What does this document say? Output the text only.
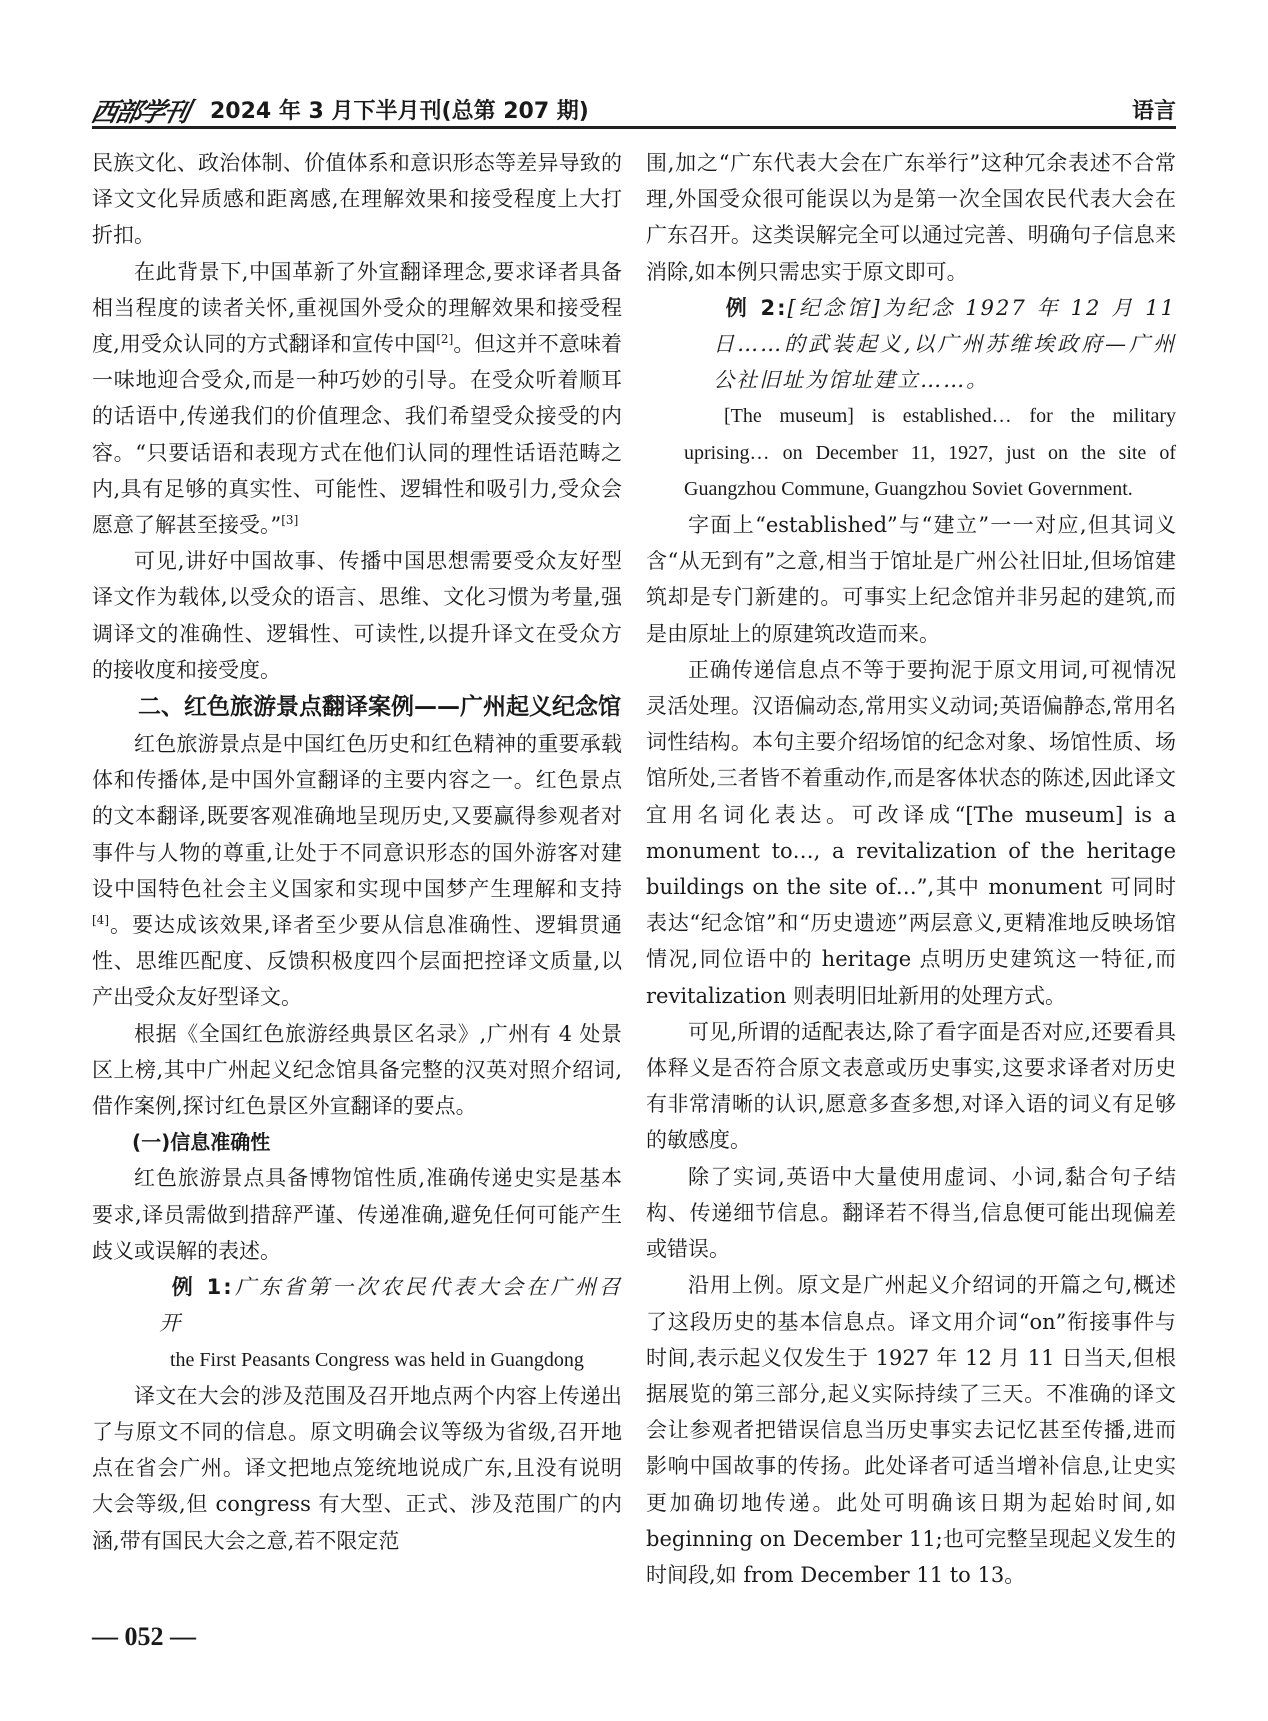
西部学刊 2024 年 3 月下半月刊(总第 207 期)	语言

民族文化、政治体制、价值体系和意识形态等差异导致的译文文化异质感和距离感,在理解效果和接受程度上大打折扣。

在此背景下,中国革新了外宣翻译理念,要求译者具备相当程度的读者关怀,重视国外受众的理解效果和接受程度,用受众认同的方式翻译和宣传中国[2]。但这并不意味着一味地迎合受众,而是一种巧妙的引导。在受众听着顺耳的话语中,传递我们的价值理念、我们希望受众接受的内容。“只要话语和表现方式在他们认同的理性话语范畴之内,具有足够的真实性、可能性、逻辑性和吸引力,受众会愿意了解甚至接受。”[3]

可见,讲好中国故事、传播中国思想需要受众友好型译文作为载体,以受众的语言、思维、文化习惯为考量,强调译文的准确性、逻辑性、可读性,以提升译文在受众方的接收度和接受度。

二、红色旅游景点翻译案例——广州起义纪念馆

红色旅游景点是中国红色历史和红色精神的重要承载体和传播体,是中国外宣翻译的主要内容之一。红色景点的文本翻译,既要客观准确地呈现历史,又要赢得参观者对事件与人物的尊重,让处于不同意识形态的国外游客对建设中国特色社会主义国家和实现中国梦产生理解和支持[4]。要达成该效果,译者至少要从信息准确性、逻辑贯通性、思维匹配度、反馈积极度四个层面把控译文质量,以产出受众友好型译文。

根据《全国红色旅游经典景区名录》,广州有 4 处景区上榜,其中广州起义纪念馆具备完整的汉英对照介绍词,借作案例,探讨红色景区外宣翻译的要点。

(一)信息准确性

红色旅游景点具备博物馆性质,准确传递史实是基本要求,译员需做到措辞严谨、传递准确,避免任何可能产生歧义或误解的表述。

例 1:广东省第一次农民代表大会在广州召开

the First Peasants Congress was held in Guangdong

译文在大会的涉及范围及召开地点两个内容上传递出了与原文不同的信息。原文明确会议等级为省级,召开地点在省会广州。译文把地点笼统地说成广东,且没有说明大会等级,但 congress 有大型、正式、涉及范围广的内涵,带有国民大会之意,若不限定范

围,加之“广东代表大会在广东举行”这种冗余表述不合常理,外国受众很可能误以为是第一次全国农民代表大会在广东召开。这类误解完全可以通过完善、明确句子信息来消除,如本例只需忠实于原文即可。

例 2:[纪念馆]为纪念 1927 年 12 月 11 日……的武装起义,以广州苏维埃政府—广州公社旧址为馆址建立……。

[The museum] is established… for the military uprising… on December 11, 1927, just on the site of Guangzhou Commune, Guangzhou Soviet Government.

字面上“established”与“建立”一一对应,但其词义含“从无到有”之意,相当于馆址是广州公社旧址,但场馆建筑却是专门新建的。可事实上纪念馆并非另起的建筑,而是由原址上的原建筑改造而来。

正确传递信息点不等于要拘泥于原文用词,可视情况灵活处理。汉语偏动态,常用实义动词;英语偏静态,常用名词性结构。本句主要介绍场馆的纪念对象、场馆性质、场馆所处,三者皆不着重动作,而是客体状态的陈述,因此译文宜用名词化表达。可改译成“[The museum] is a monument to…, a revitalization of the heritage buildings on the site of…”,其中 monument 可同时表达“纪念馆”和“历史遗迹”两层意义,更精准地反映场馆情况,同位语中的 heritage 点明历史建筑这一特征,而 revitalization 则表明旧址新用的处理方式。

可见,所谓的适配表达,除了看字面是否对应,还要看具体释义是否符合原文表意或历史事实,这要求译者对历史有非常清晰的认识,愿意多查多想,对译入语的词义有足够的敏感度。

除了实词,英语中大量使用虚词、小词,黏合句子结构、传递细节信息。翻译若不得当,信息便可能出现偏差或错误。

沿用上例。原文是广州起义介绍词的开篇之句,概述了这段历史的基本信息点。译文用介词“on”衔接事件与时间,表示起义仅发生于 1927 年 12 月 11 日当天,但根据展览的第三部分,起义实际持续了三天。不准确的译文会让参观者把错误信息当历史事实去记忆甚至传播,进而影响中国故事的传扬。此处译者可适当增补信息,让史实更加确切地传递。此处可明确该日期为起始时间,如 beginning on December 11;也可完整呈现起义发生的时间段,如 from December 11 to 13。

— 052 —
